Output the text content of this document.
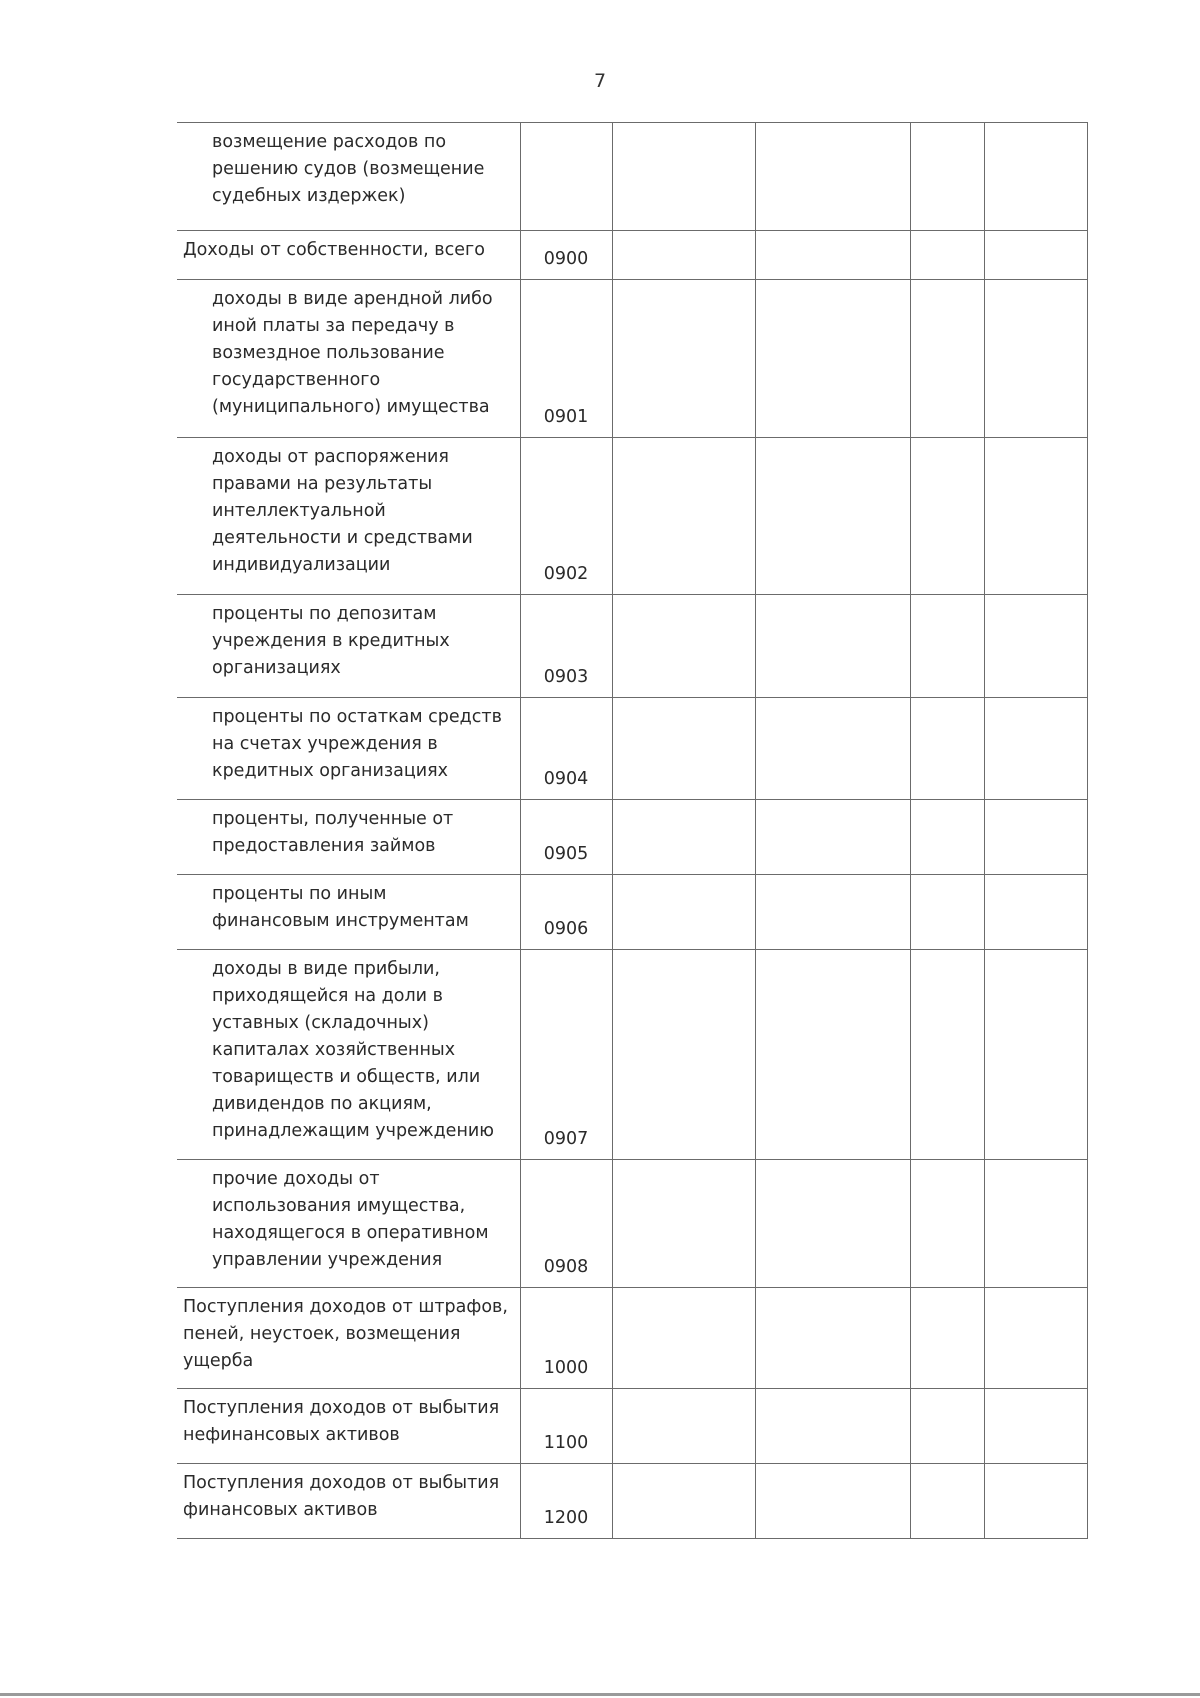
7
возмещение расходов по решению судов (возмещение судебных издержек)					
Доходы от собственности, всего	0900				
доходы в виде арендной либо иной платы за передачу в возмездное пользование государственного (муниципального) имущества	0901				
доходы от распоряжения правами на результаты интеллектуальной деятельности и средствами индивидуализации	0902				
проценты по депозитам учреждения в кредитных организациях	0903				
проценты по остаткам средств на счетах учреждения в кредитных организациях	0904				
проценты, полученные от предоставления займов	0905				
проценты по иным финансовым инструментам	0906				
доходы в виде прибыли, приходящейся на доли в уставных (складочных) капиталах хозяйственных товариществ и обществ, или дивидендов по акциям, принадлежащим учреждению	0907				
прочие доходы от использования имущества, находящегося в оперативном управлении учреждения	0908				
Поступления доходов от штрафов, пеней, неустоек, возмещения ущерба	1000				
Поступления доходов от выбытия нефинансовых активов	1100				
Поступления доходов от выбытия финансовых активов	1200				
